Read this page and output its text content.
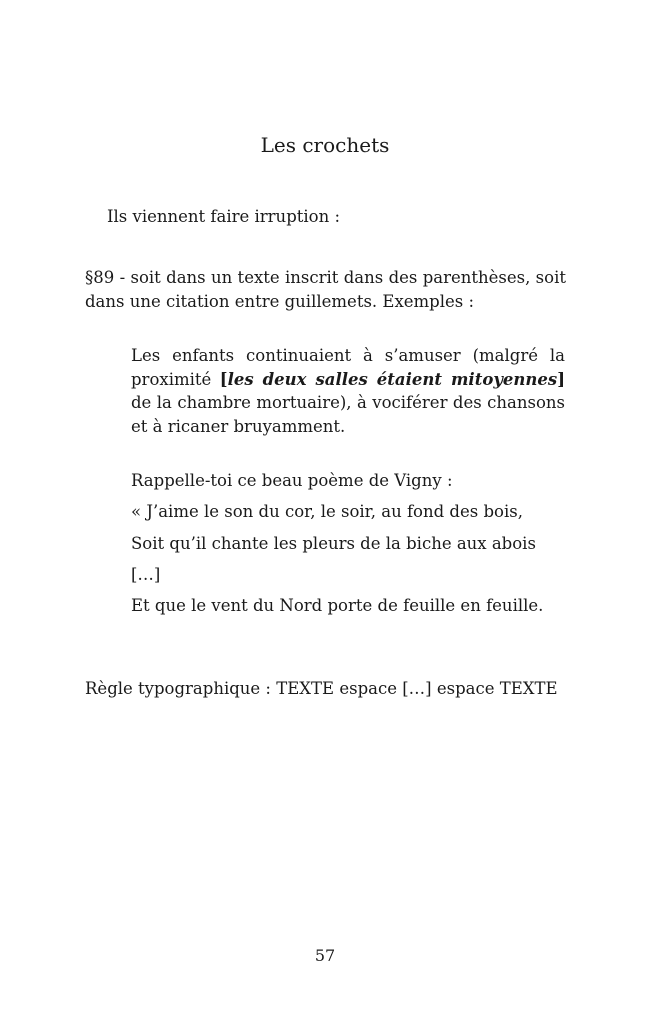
Les crochets

Ils viennent faire irruption :

§89 - soit dans un texte inscrit dans des parenthèses, soit dans une citation entre guillemets. Exemples :

Les enfants continuaient à s’amuser (malgré la proximité [les deux salles étaient mitoyennes] de la chambre mortuaire), à vociférer des chansons et à ricaner bruyamment.

Rappelle-toi ce beau poème de Vigny :

« J’aime le son du cor, le soir, au fond des bois,

Soit qu’il chante les pleurs de la biche aux abois

[…]

Et que le vent du Nord porte de feuille en feuille.

Règle typographique : TEXTE espace […] espace TEXTE

57
